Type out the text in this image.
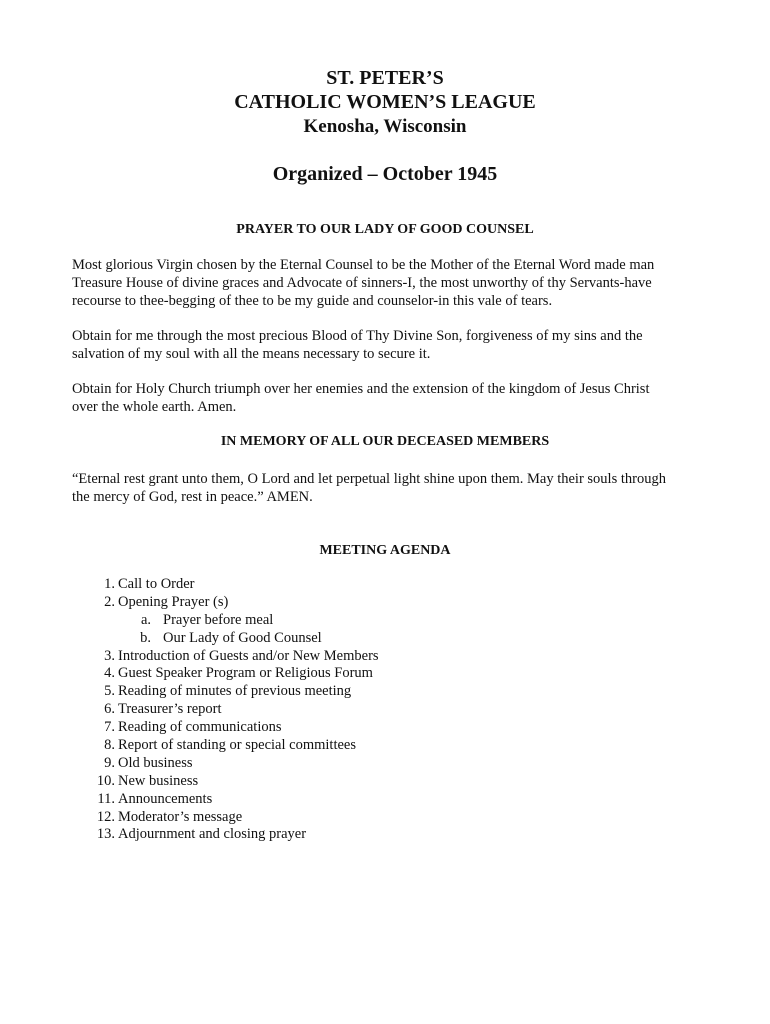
ST. PETER’S
CATHOLIC WOMEN’S LEAGUE
Kenosha, Wisconsin
Organized – October 1945
PRAYER TO OUR LADY OF GOOD COUNSEL
Most glorious Virgin chosen by the Eternal Counsel to be the Mother of the Eternal Word made man
Treasure House of divine graces and Advocate of sinners-I, the most unworthy of thy Servants-have
recourse to thee-begging of thee to be my guide and counselor-in this vale of tears.
Obtain for me through the most precious Blood of Thy Divine Son, forgiveness of my sins and the
salvation of my soul with all the means necessary to secure it.
Obtain for Holy Church triumph over her enemies and the extension of the kingdom of Jesus Christ
over the whole earth. Amen.
IN MEMORY OF ALL OUR DECEASED MEMBERS
“Eternal rest grant unto them, O Lord and let perpetual light shine upon them. May their souls through
the mercy of God, rest in peace.” AMEN.
MEETING AGENDA
1. Call to Order
2. Opening Prayer (s)
a. Prayer before meal
b. Our Lady of Good Counsel
3. Introduction of Guests and/or New Members
4. Guest Speaker Program or Religious Forum
5. Reading of minutes of previous meeting
6. Treasurer’s report
7. Reading of communications
8. Report of standing or special committees
9. Old business
10. New business
11. Announcements
12. Moderator’s message
13. Adjournment and closing prayer
